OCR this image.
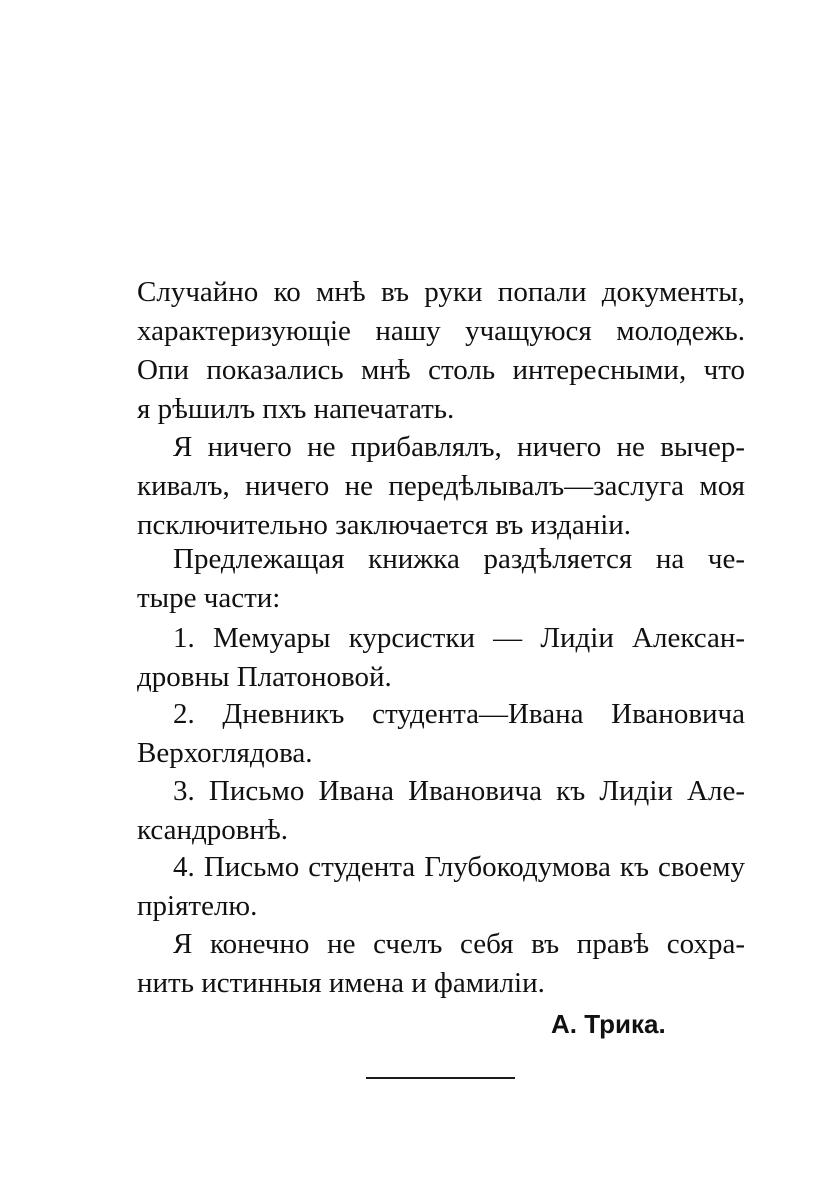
Случайно ко мнѣ въ руки попали документы,
характеризующіе нашу учащуюся молодежь.
Опи показались мнѣ столь интересными, что
я рѣшилъ пхъ напечатать.
Я ничего не прибавлялъ, ничего не вычер-
кивалъ, ничего не передѣлывалъ—заслуга моя
псключительно заключается въ изданіи.
Предлежащая книжка раздѣляется на че-
тыре части:
1. Мемуары курсистки — Лидіи Алексан-
дровны Платоновой.
2. Дневникъ студента—Ивана Ивановича
Верхоглядова.
3. Письмо Ивана Ивановича къ Лидіи Але-
ксандровнѣ.
4. Письмо студента Глубокодумова къ своему
пріятелю.
Я конечно не счелъ себя въ правѣ сохра-
нить истинныя имена и фамиліи.
А. Трика.
